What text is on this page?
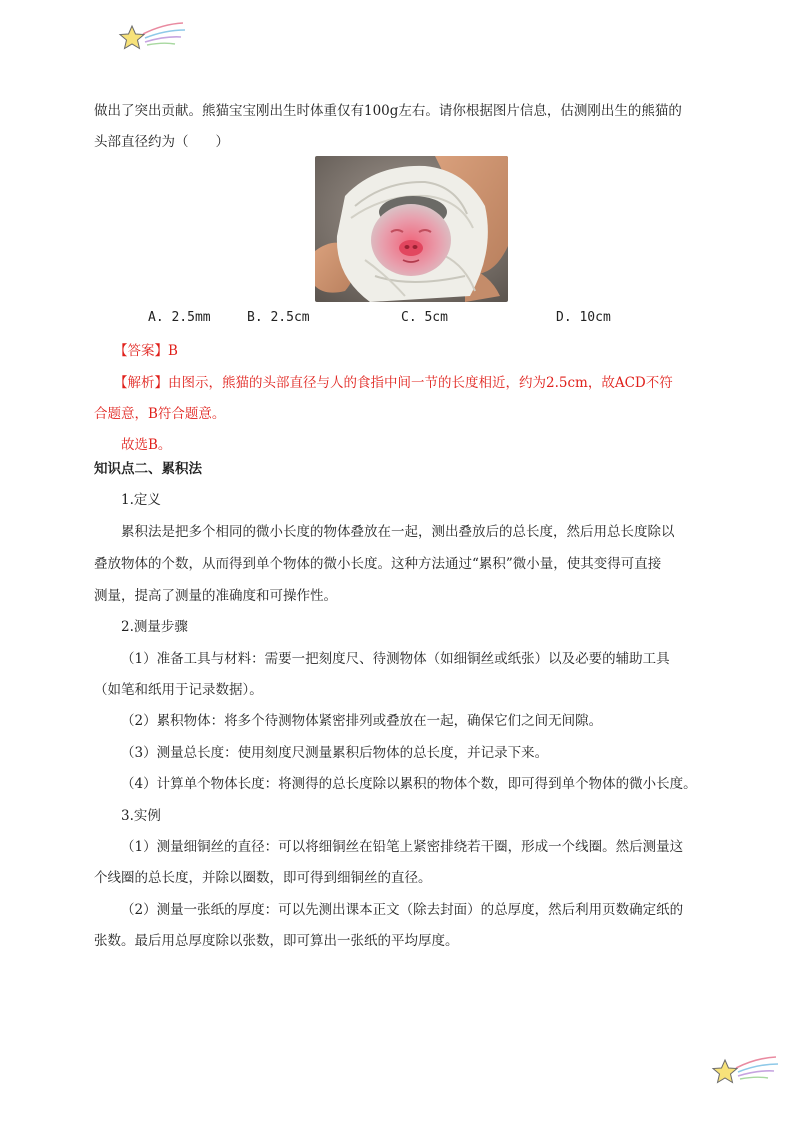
做出了突出贡献。熊猫宝宝刚出生时体重仅有100g左右。请你根据图片信息，估测刚出生的熊猫的
头部直径约为（　　）
A. 2.5mm	B. 2.5cm	C. 5cm	D. 10cm
【答案】B
【解析】由图示，熊猫的头部直径与人的食指中间一节的长度相近，约为2.5cm，故ACD不符
合题意，B符合题意。
故选B。
知识点二、累积法
1.定义
累积法是把多个相同的微小长度的物体叠放在一起，测出叠放后的总长度，然后用总长度除以
叠放物体的个数，从而得到单个物体的微小长度。这种方法通过“累积”微小量，使其变得可直接
测量，提高了测量的准确度和可操作性。
2.测量步骤
（1）准备工具与材料：需要一把刻度尺、待测物体（如细铜丝或纸张）以及必要的辅助工具
（如笔和纸用于记录数据）。
（2）累积物体：将多个待测物体紧密排列或叠放在一起，确保它们之间无间隙。
（3）测量总长度：使用刻度尺测量累积后物体的总长度，并记录下来。
（4）计算单个物体长度：将测得的总长度除以累积的物体个数，即可得到单个物体的微小长度。
3.实例
（1）测量细铜丝的直径：可以将细铜丝在铅笔上紧密排绕若干圈，形成一个线圈。然后测量这
个线圈的总长度，并除以圈数，即可得到细铜丝的直径。
（2）测量一张纸的厚度：可以先测出课本正文（除去封面）的总厚度，然后利用页数确定纸的
张数。最后用总厚度除以张数，即可算出一张纸的平均厚度。
